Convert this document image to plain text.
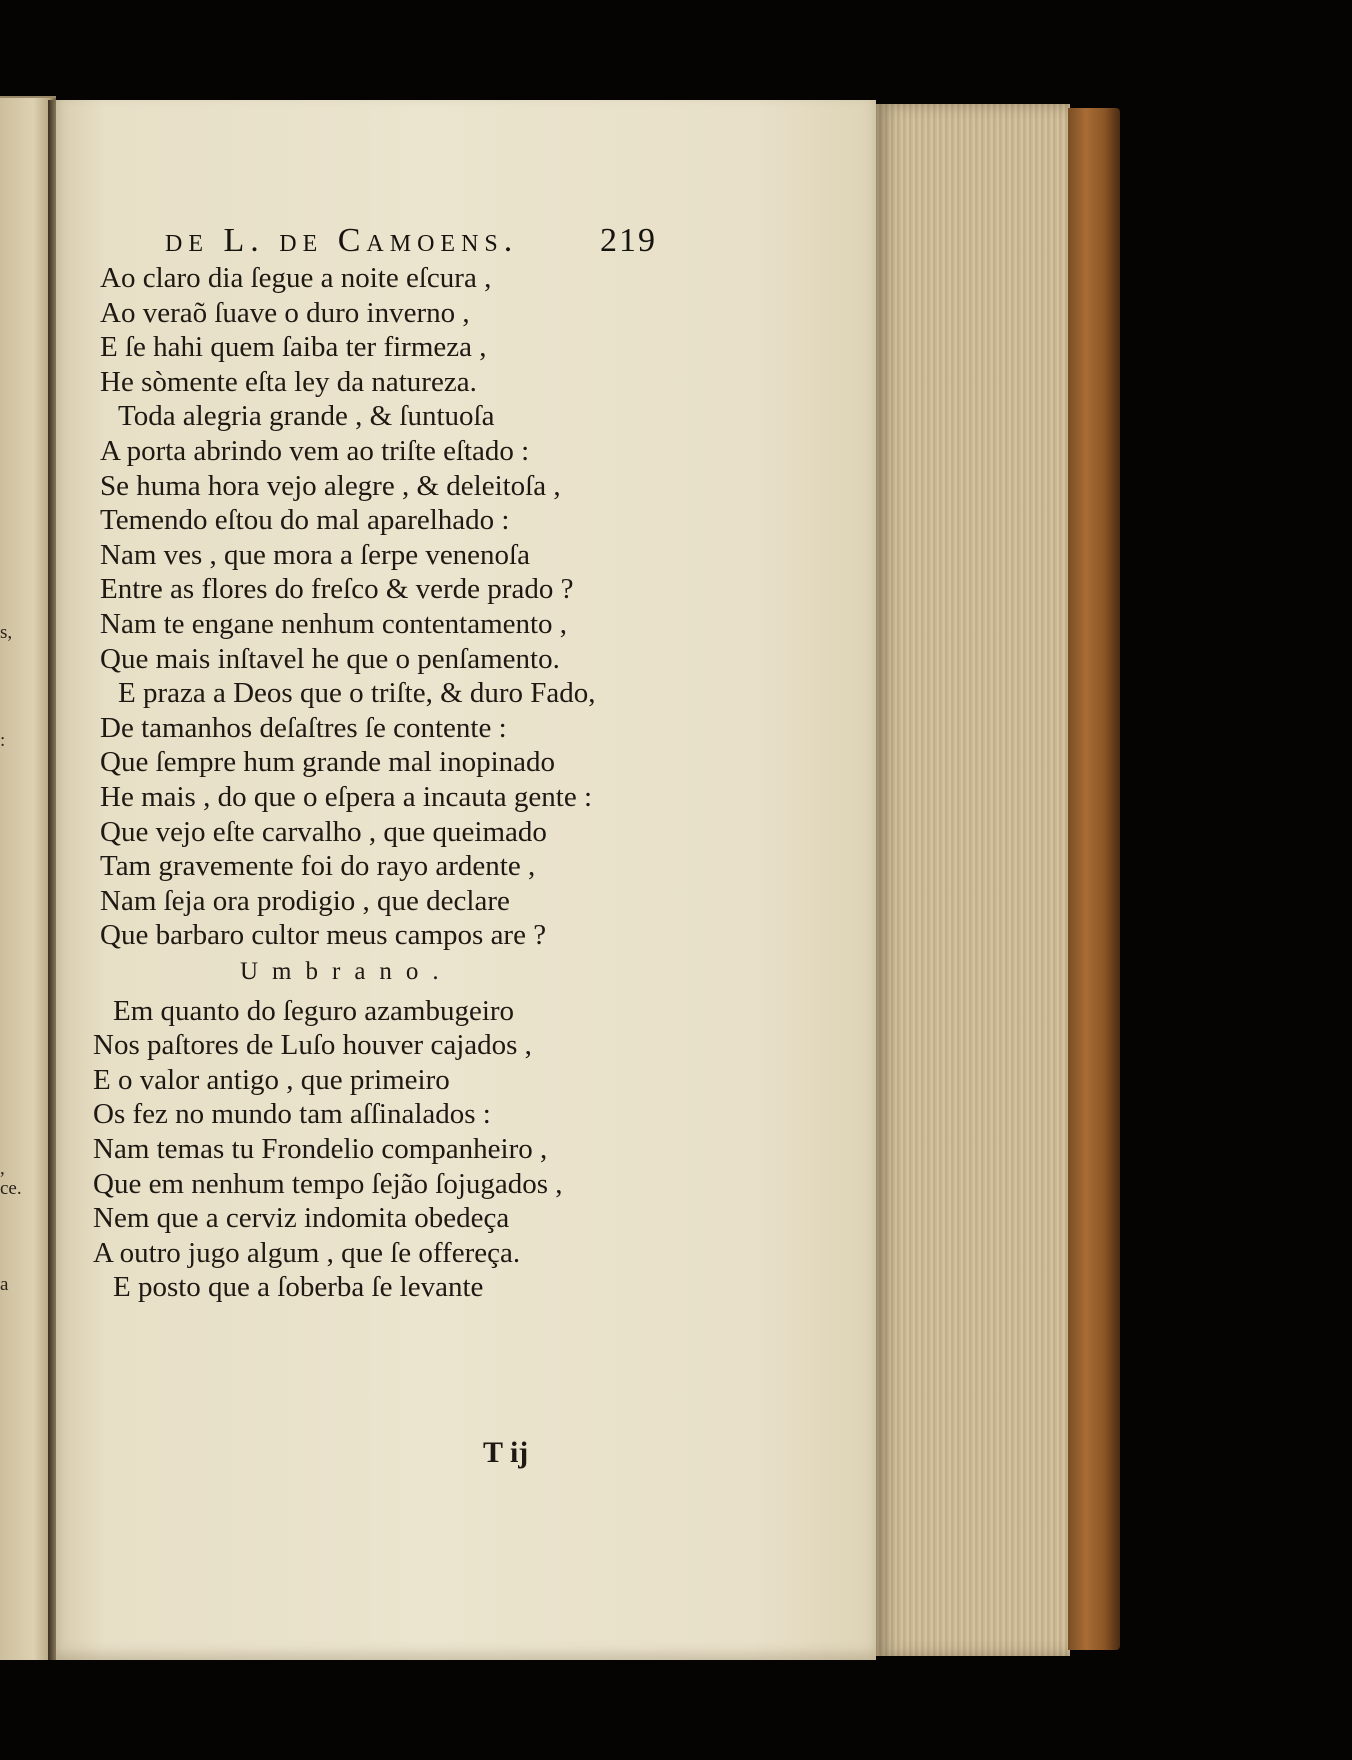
s,
:
,
ce.
a
de L. de Camoens. 219
Ao claro dia ſegue a noite eſcura ,
Ao veraõ ſuave o duro inverno ,
E ſe hahi quem ſaiba ter firmeza ,
He sòmente eſta ley da natureza.
Toda alegria grande , & ſuntuoſa
A porta abrindo vem ao triſte eſtado :
Se huma hora vejo alegre , & deleitoſa ,
Temendo eſtou do mal aparelhado :
Nam ves , que mora a ſerpe venenoſa
Entre as flores do freſco & verde prado ?
Nam te engane nenhum contentamento ,
Que mais inſtavel he que o penſamento.
E praza a Deos que o triſte, & duro Fado,
De tamanhos deſaſtres ſe contente :
Que ſempre hum grande mal inopinado
He mais , do que o eſpera a incauta gente :
Que vejo eſte carvalho , que queimado
Tam gravemente foi do rayo ardente ,
Nam ſeja ora prodigio , que declare
Que barbaro cultor meus campos are ?
Em quanto do ſeguro azambugeiro
Nos paſtores de Luſo houver cajados ,
E o valor antigo , que primeiro
Os fez no mundo tam aſſinalados :
Nam temas tu Frondelio companheiro ,
Que em nenhum tempo ſejão ſojugados ,
Nem que a cerviz indomita obedeça
A outro jugo algum , que ſe offereça.
E posto que a ſoberba ſe levante
Umbrano.
T ij
